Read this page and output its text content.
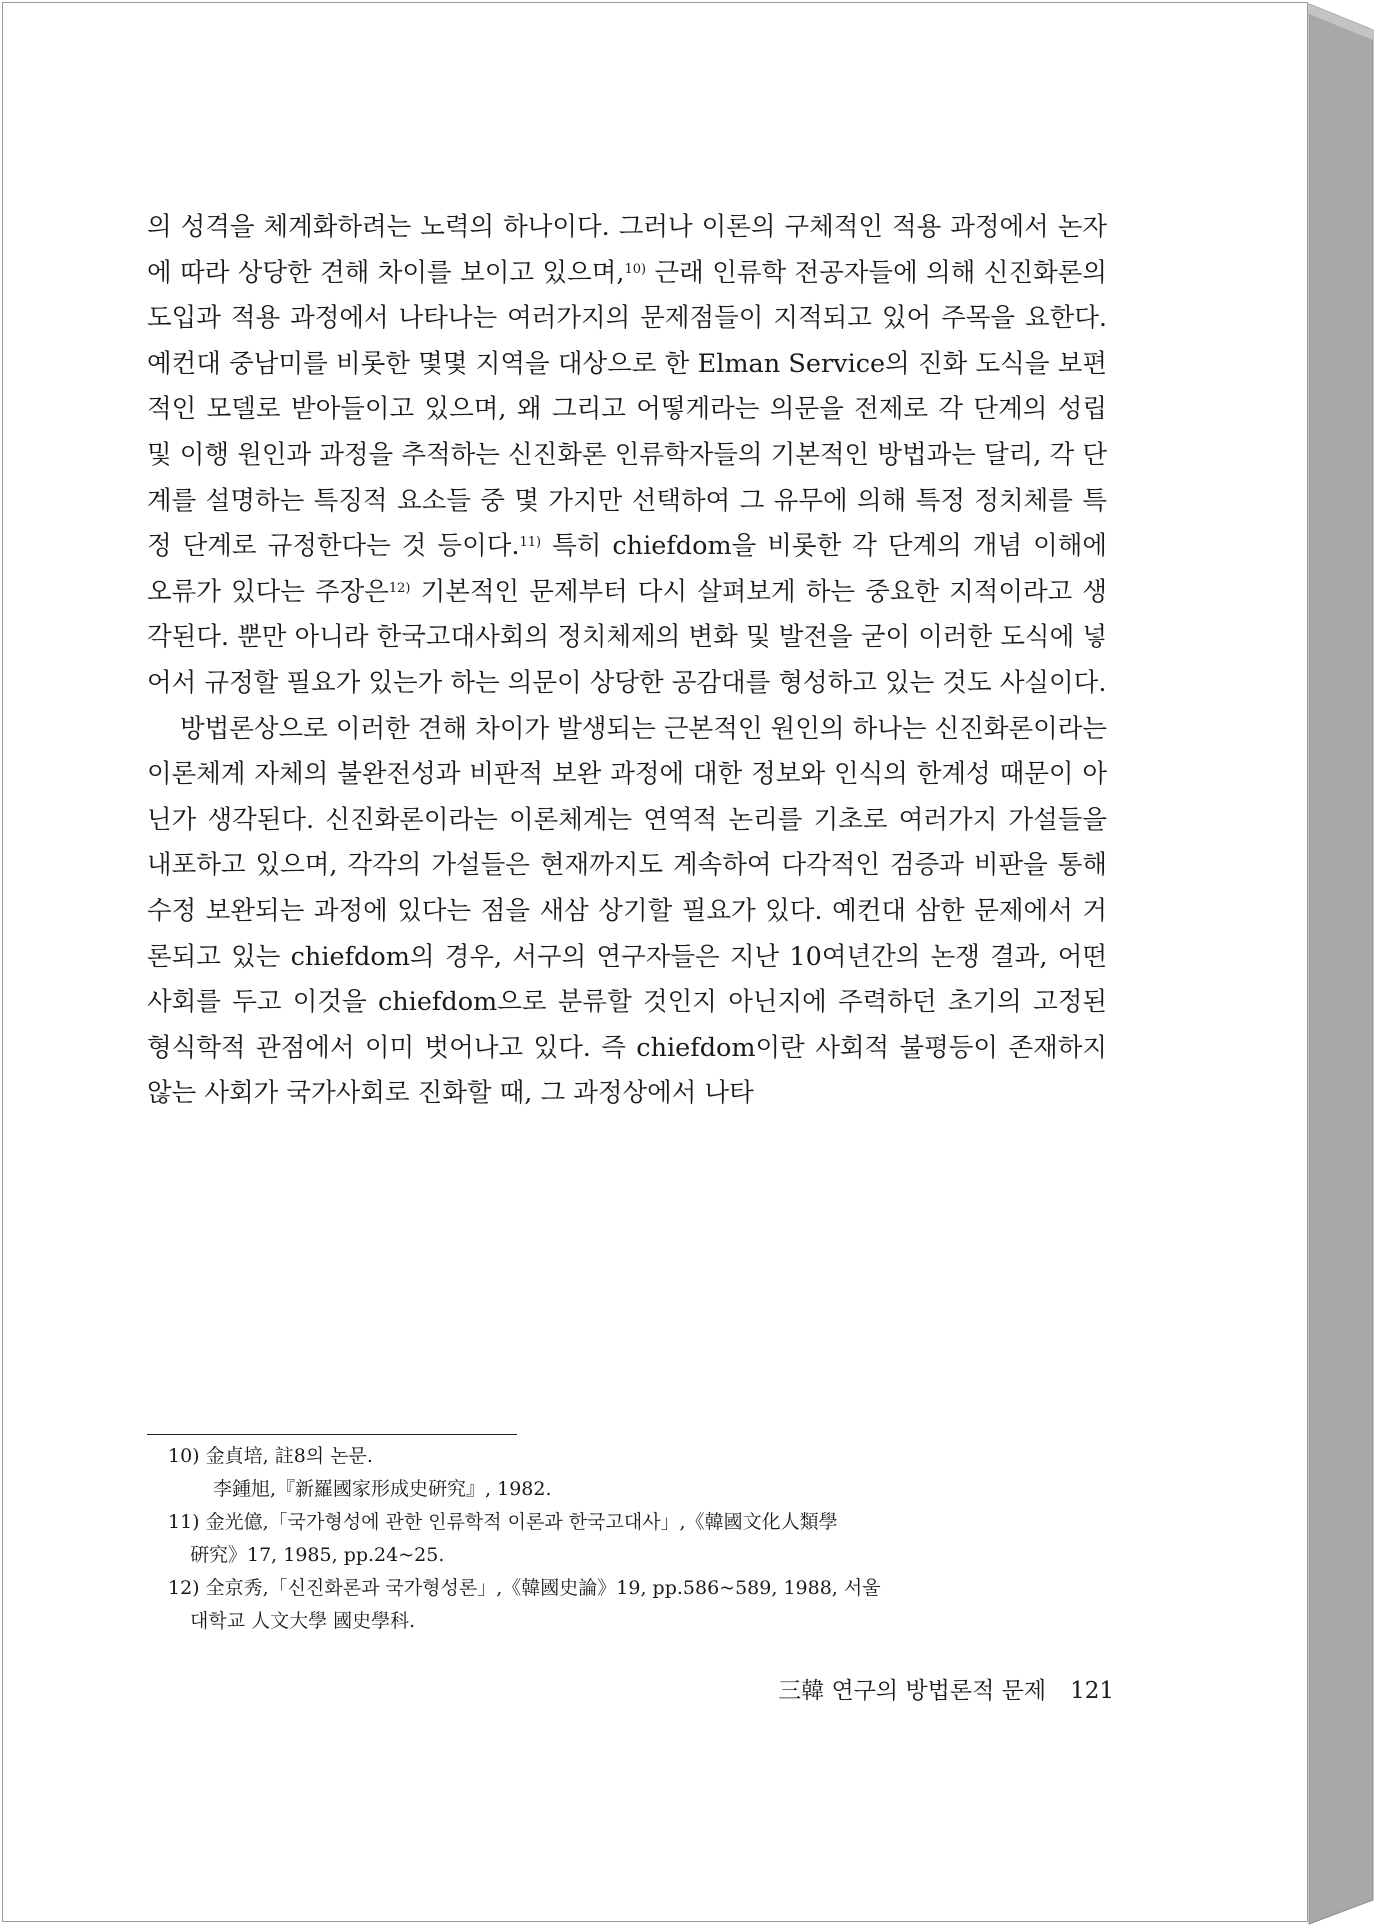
의 성격을 체계화하려는 노력의 하나이다. 그러나 이론의 구체적인 적용 과정에서 논자에 따라 상당한 견해 차이를 보이고 있으며,$^{10)}$ 근래 인류학 전공자들에 의해 신진화론의 도입과 적용 과정에서 나타나는 여러가지의 문제점들이 지적되고 있어 주목을 요한다. 예컨대 중남미를 비롯한 몇몇 지역을 대상으로 한 Elman Service의 진화 도식을 보편적인 모델로 받아들이고 있으며, 왜 그리고 어떻게라는 의문을 전제로 각 단계의 성립 및 이행 원인과 과정을 추적하는 신진화론 인류학자들의 기본적인 방법과는 달리, 각 단계를 설명하는 특징적 요소들 중 몇 가지만 선택하여 그 유무에 의해 특정 정치체를 특정 단계로 규정한다는 것 등이다.$^{11)}$ 특히 chiefdom을 비롯한 각 단계의 개념 이해에 오류가 있다는 주장은$^{12)}$ 기본적인 문제부터 다시 살펴보게 하는 중요한 지적이라고 생각된다. 뿐만 아니라 한국고대사회의 정치체제의 변화 및 발전을 굳이 이러한 도식에 넣어서 규정할 필요가 있는가 하는 의문이 상당한 공감대를 형성하고 있는 것도 사실이다.

방법론상으로 이러한 견해 차이가 발생되는 근본적인 원인의 하나는 신진화론이라는 이론체계 자체의 불완전성과 비판적 보완 과정에 대한 정보와 인식의 한계성 때문이 아닌가 생각된다. 신진화론이라는 이론체계는 연역적 논리를 기초로 여러가지 가설들을 내포하고 있으며, 각각의 가설들은 현재까지도 계속하여 다각적인 검증과 비판을 통해 수정 보완되는 과정에 있다는 점을 새삼 상기할 필요가 있다. 예컨대 삼한 문제에서 거론되고 있는 chiefdom의 경우, 서구의 연구자들은 지난 10여년간의 논쟁 결과, 어떤 사회를 두고 이것을 chiefdom으로 분류할 것인지 아닌지에 주력하던 초기의 고정된 형식학적 관점에서 이미 벗어나고 있다. 즉 chiefdom이란 사회적 불평등이 존재하지 않는 사회가 국가사회로 진화할 때, 그 과정상에서 나타

10) 金貞培, 註8의 논문.
李鍾旭,『新羅國家形成史硏究』, 1982.
11) 金光億,「국가형성에 관한 인류학적 이론과 한국고대사」,《韓國文化人類學
硏究》17, 1985, pp.24~25.
12) 全京秀,「신진화론과 국가형성론」,《韓國史論》19, pp.586~589, 1988, 서울
대학교 人文大學 國史學科.
三韓 연구의 방법론적 문제 121
